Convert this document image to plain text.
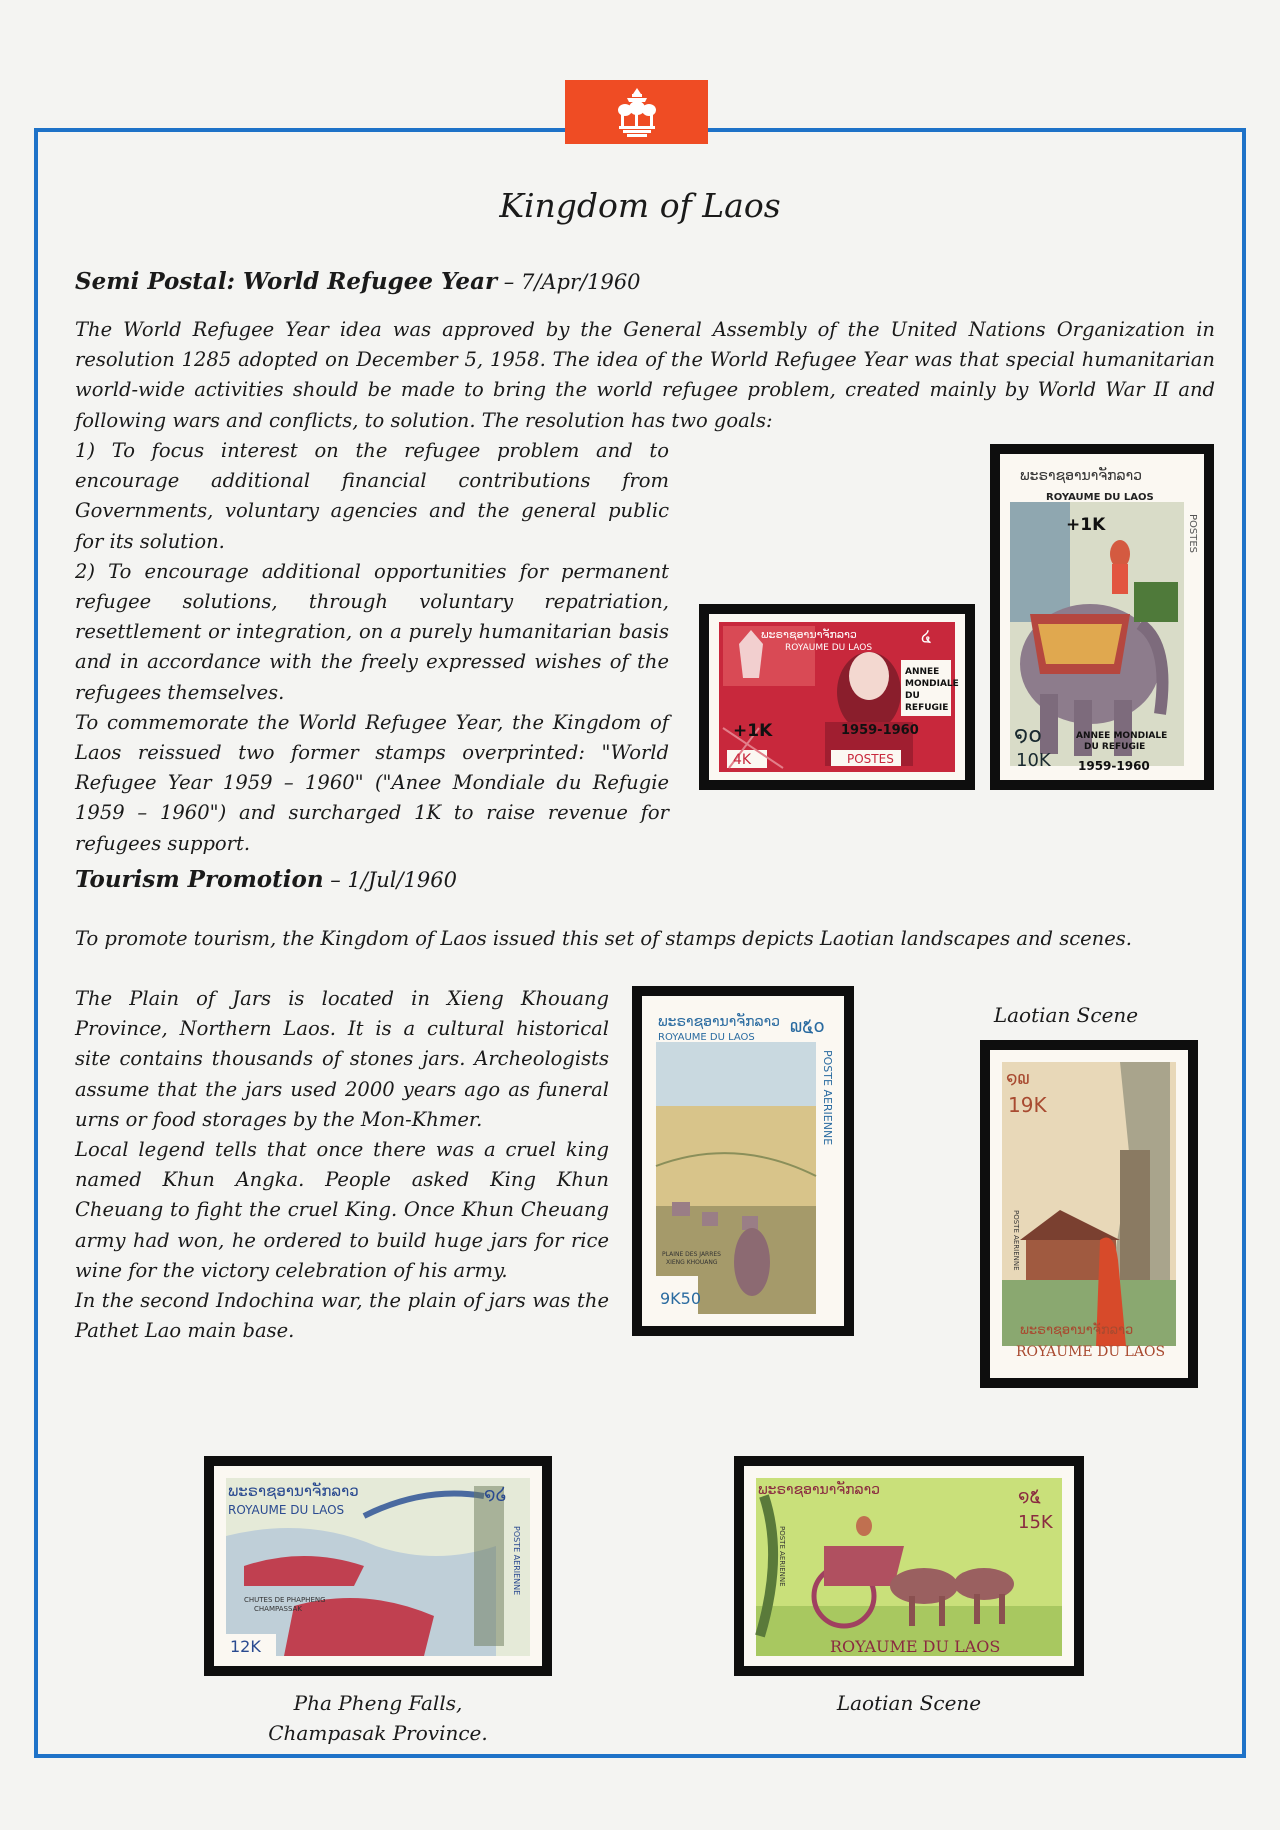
Kingdom of Laos
Semi Postal: World Refugee Year – 7/Apr/1960
The World Refugee Year idea was approved by the General Assembly of the United Nations Organization in resolution 1285 adopted on December 5, 1958. The idea of the World Refugee Year was that special humanitarian world-wide activities should be made to bring the world refugee problem, created mainly by World War II and following wars and conflicts, to solution. The resolution has two goals:
1) To focus interest on the refugee problem and to encourage additional financial contributions from Governments, voluntary agencies and the general public for its solution.
2) To encourage additional opportunities for permanent refugee solutions, through voluntary repatriation, resettlement or integration, on a purely humanitarian basis and in accordance with the freely expressed wishes of the refugees themselves.
To commemorate the World Refugee Year, the Kingdom of Laos reissued two former stamps overprinted: "World Refugee Year 1959 – 1960" ("Anee Mondiale du Refugie 1959 – 1960") and surcharged 1K to raise revenue for refugees support.
ພະຣາຊອານາຈັກລາວ
ROYAUME DU LAOS
໔
ANNEE MONDIALE DU REFUGIE
1959-1960
+1K
4K	POSTES
ພະຣາຊອານາຈັກລາວ
ROYAUME DU LAOS
+1K	POSTES
໑໐
10K
ANNEE MONDIALE DU REFUGIE
1959-1960
Tourism Promotion – 1/Jul/1960
To promote tourism, the Kingdom of Laos issued this set of stamps depicts Laotian landscapes and scenes.
The Plain of Jars is located in Xieng Khouang Province, Northern Laos. It is a cultural historical site contains thousands of stones jars. Archeologists assume that the jars used 2000 years ago as funeral urns or food storages by the Mon-Khmer.
Local legend tells that once there was a cruel king named Khun Angka. People asked King Khun Cheuang to fight the cruel King. Once Khun Cheuang army had won, he ordered to build huge jars for rice wine for the victory celebration of his army.
In the second Indochina war, the plain of jars was the Pathet Lao main base.
ພະຣາຊອານາຈັກລາວ
ROYAUME DU LAOS
໙໕໐
POSTE AERIENNE
PLAINE DES JARRES XIENG KHOUANG
9K50
Laotian Scene
໑໙
19K
POSTE AERIENNE
ພະຣາຊອານາຈັກລາວ
ROYAUME DU LAOS
ພະຣາຊອານາຈັກລາວ
ROYAUME DU LAOS
໑໒
POSTE AERIENNE
CHUTES DE PHAPHENG CHAMPASSAK
12K
Pha Pheng Falls,
Champasak Province.
ພະຣາຊອານາຈັກລາວ	໑໕
15K
POSTE AERIENNE
ROYAUME DU LAOS
Laotian Scene
